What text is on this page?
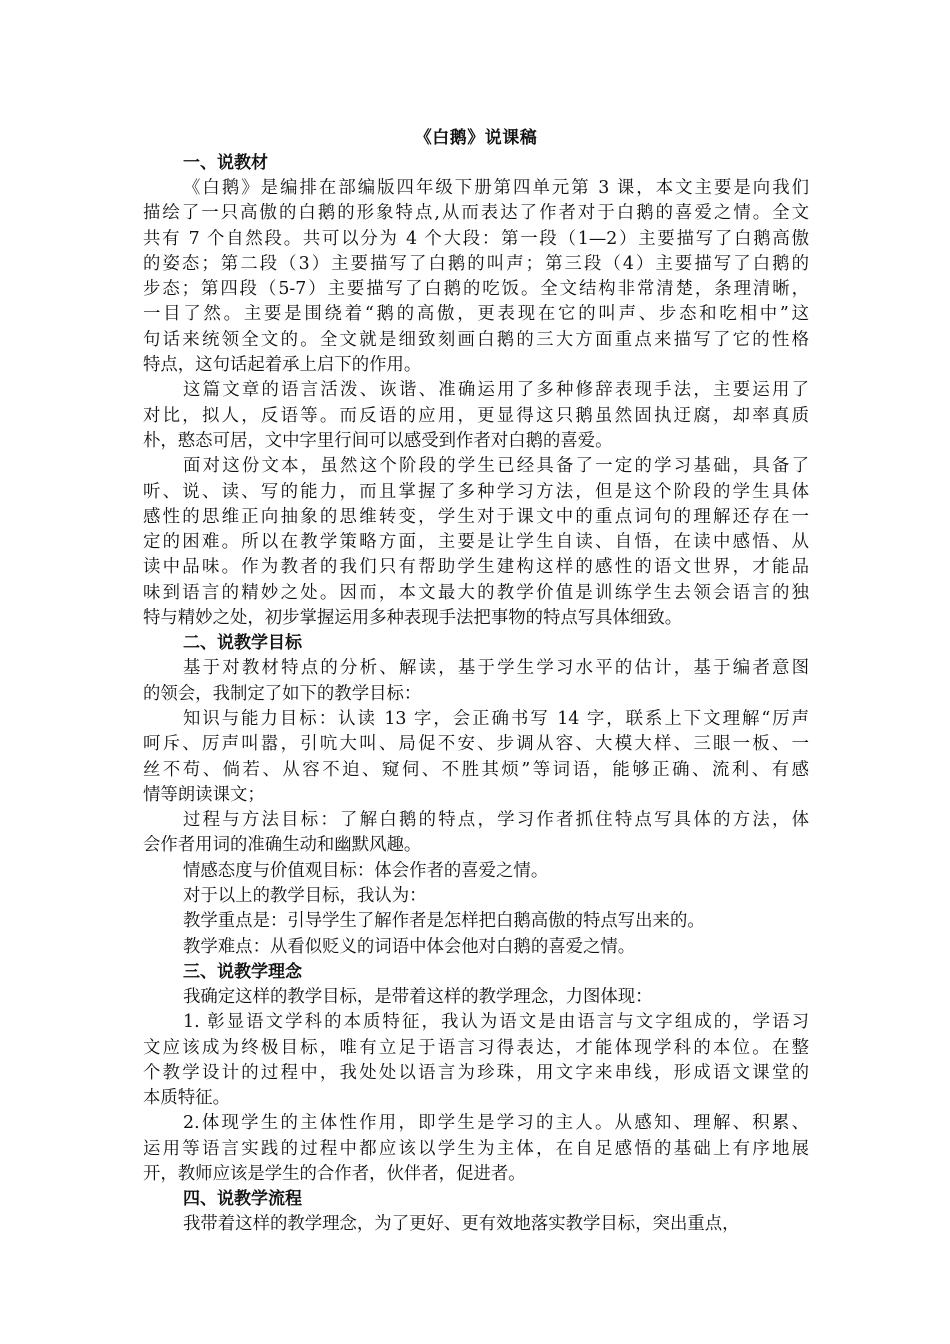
《白鹅》说课稿
一、说教材
《白鹅》是编排在部编版四年级下册第四单元第 3 课，本文主要是向我们
描绘了一只高傲的白鹅的形象特点,从而表达了作者对于白鹅的喜爱之情。全文
共有 7 个自然段。共可以分为 4 个大段：第一段（1—2）主要描写了白鹅高傲
的姿态；第二段（3）主要描写了白鹅的叫声；第三段（4）主要描写了白鹅的
步态；第四段（5-7）主要描写了白鹅的吃饭。全文结构非常清楚，条理清晰，
一目了然。主要是围绕着“鹅的高傲，更表现在它的叫声、步态和吃相中”这
句话来统领全文的。全文就是细致刻画白鹅的三大方面重点来描写了它的性格
特点，这句话起着承上启下的作用。
这篇文章的语言活泼、诙谐、准确运用了多种修辞表现手法，主要运用了
对比，拟人，反语等。而反语的应用，更显得这只鹅虽然固执迂腐，却率真质
朴，憨态可居，文中字里行间可以感受到作者对白鹅的喜爱。
面对这份文本，虽然这个阶段的学生已经具备了一定的学习基础，具备了
听、说、读、写的能力，而且掌握了多种学习方法，但是这个阶段的学生具体
感性的思维正向抽象的思维转变，学生对于课文中的重点词句的理解还存在一
定的困难。所以在教学策略方面，主要是让学生自读、自悟，在读中感悟、从
读中品味。作为教者的我们只有帮助学生建构这样的感性的语文世界，才能品
味到语言的精妙之处。因而，本文最大的教学价值是训练学生去领会语言的独
特与精妙之处，初步掌握运用多种表现手法把事物的特点写具体细致。
二、说教学目标
基于对教材特点的分析、解读，基于学生学习水平的估计，基于编者意图
的领会，我制定了如下的教学目标：
知识与能力目标：认读 13 字，会正确书写 14 字，联系上下文理解“厉声
呵斥、厉声叫嚣，引吭大叫、局促不安、步调从容、大模大样、三眼一板、一
丝不苟、倘若、从容不迫、窥伺、不胜其烦”等词语，能够正确、流利、有感
情等朗读课文；
过程与方法目标：了解白鹅的特点，学习作者抓住特点写具体的方法，体
会作者用词的准确生动和幽默风趣。
情感态度与价值观目标：体会作者的喜爱之情。
对于以上的教学目标，我认为：
教学重点是：引导学生了解作者是怎样把白鹅高傲的特点写出来的。
教学难点：从看似贬义的词语中体会他对白鹅的喜爱之情。
三、说教学理念
我确定这样的教学目标，是带着这样的教学理念，力图体现：
1. 彰显语文学科的本质特征，我认为语文是由语言与文字组成的，学语习
文应该成为终极目标，唯有立足于语言习得表达，才能体现学科的本位。在整
个教学设计的过程中，我处处以语言为珍珠，用文字来串线，形成语文课堂的
本质特征。
2.体现学生的主体性作用，即学生是学习的主人。从感知、理解、积累、
运用等语言实践的过程中都应该以学生为主体，在自足感悟的基础上有序地展
开，教师应该是学生的合作者，伙伴者，促进者。
四、说教学流程
我带着这样的教学理念，为了更好、更有效地落实教学目标，突出重点，
